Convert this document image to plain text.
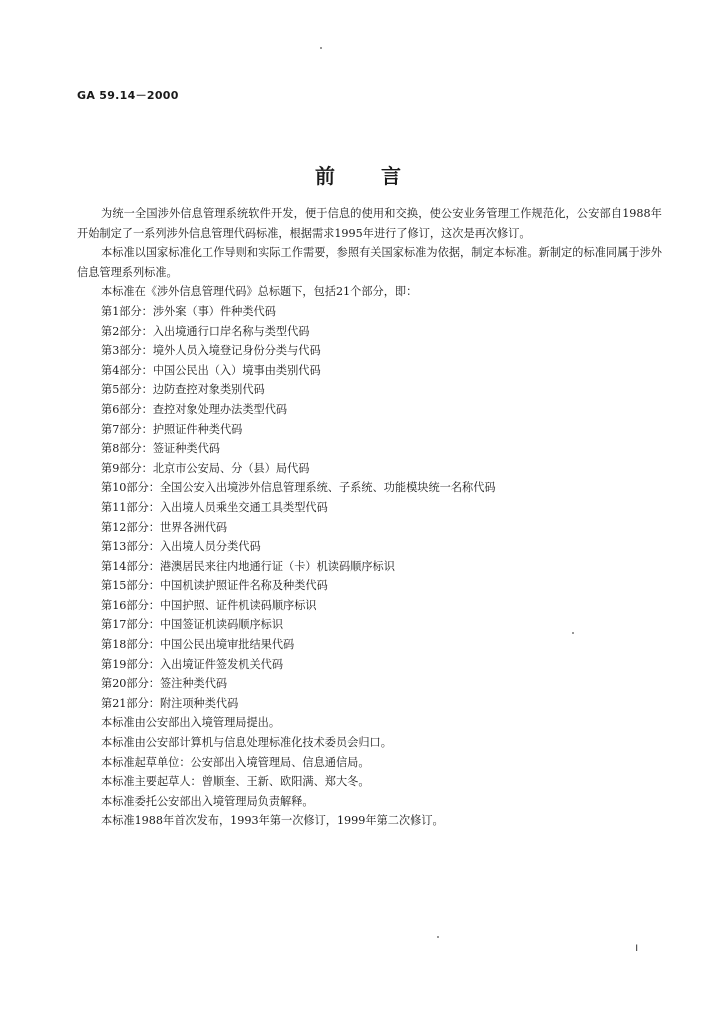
GA 59.14－2000
前言

为统一全国涉外信息管理系统软件开发，便于信息的使用和交换，使公安业务管理工作规范化，公安部自1988年开始制定了一系列涉外信息管理代码标准，根据需求1995年进行了修订，这次是再次修订。

本标准以国家标准化工作导则和实际工作需要，参照有关国家标准为依据，制定本标准。新制定的标准同属于涉外信息管理系列标准。

本标准在《涉外信息管理代码》总标题下，包括21个部分，即：

第1部分：涉外案（事）件种类代码

第2部分：入出境通行口岸名称与类型代码

第3部分：境外人员入境登记身份分类与代码

第4部分：中国公民出（入）境事由类别代码

第5部分：边防查控对象类别代码

第6部分：查控对象处理办法类型代码

第7部分：护照证件种类代码

第8部分：签证种类代码

第9部分：北京市公安局、分（县）局代码

第10部分：全国公安入出境涉外信息管理系统、子系统、功能模块统一名称代码

第11部分：入出境人员乘坐交通工具类型代码

第12部分：世界各洲代码

第13部分：入出境人员分类代码

第14部分：港澳居民来往内地通行证（卡）机读码顺序标识

第15部分：中国机读护照证件名称及种类代码

第16部分：中国护照、证件机读码顺序标识

第17部分：中国签证机读码顺序标识

第18部分：中国公民出境审批结果代码

第19部分：入出境证件签发机关代码

第20部分：签注种类代码

第21部分：附注项种类代码

本标准由公安部出入境管理局提出。

本标准由公安部计算机与信息处理标准化技术委员会归口。

本标准起草单位：公安部出入境管理局、信息通信局。

本标准主要起草人：曾顺奎、王新、欧阳满、郑大冬。

本标准委托公安部出入境管理局负责解释。

本标准1988年首次发布，1993年第一次修订，1999年第二次修订。

I
